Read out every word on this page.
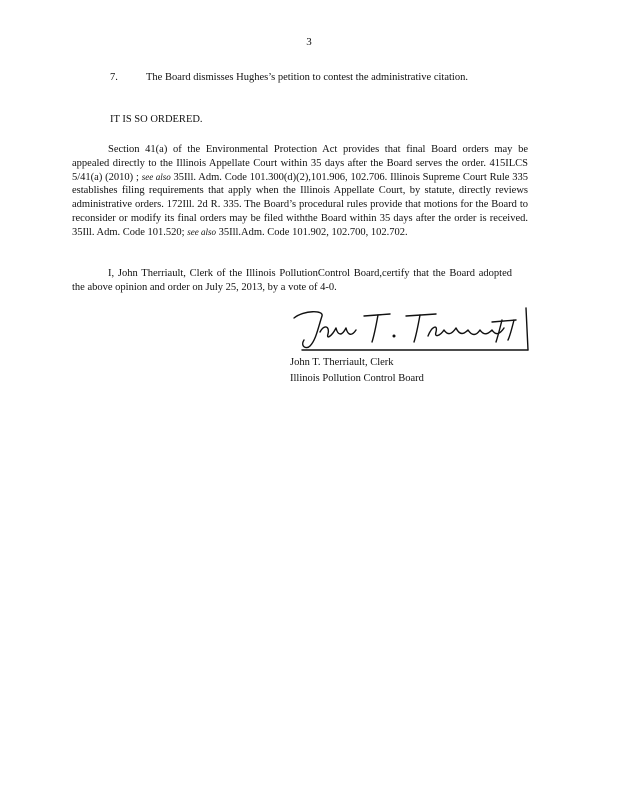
3
7.	The Board dismisses Hughes’s petition to contest the administrative citation.
IT IS SO ORDERED.
Section 41(a) of the Environmental Protection Act provides that final Board orders may be appealed directly to the Illinois Appellate Court within 35 days after the Board serves the order. 415ILCS 5/41(a) (2010) ; see also 35Ill. Adm. Code 101.300(d)(2),101.906, 102.706. Illinois Supreme Court Rule 335 establishes filing requirements that apply when the Illinois Appellate Court, by statute, directly reviews administrative orders. 172Ill. 2d R. 335. The Board’s procedural rules provide that motions for the Board to reconsider or modify its final orders may be filed withthe Board within 35 days after the order is received. 35Ill. Adm. Code 101.520; see also 35Ill.Adm. Code 101.902, 102.700, 102.702.
I, John Therriault, Clerk of the Illinois PollutionControl Board,certify that the Board adopted the above opinion and order on July 25, 2013, by a vote of 4-0.
John T. Therriault, Clerk
Illinois Pollution Control Board
